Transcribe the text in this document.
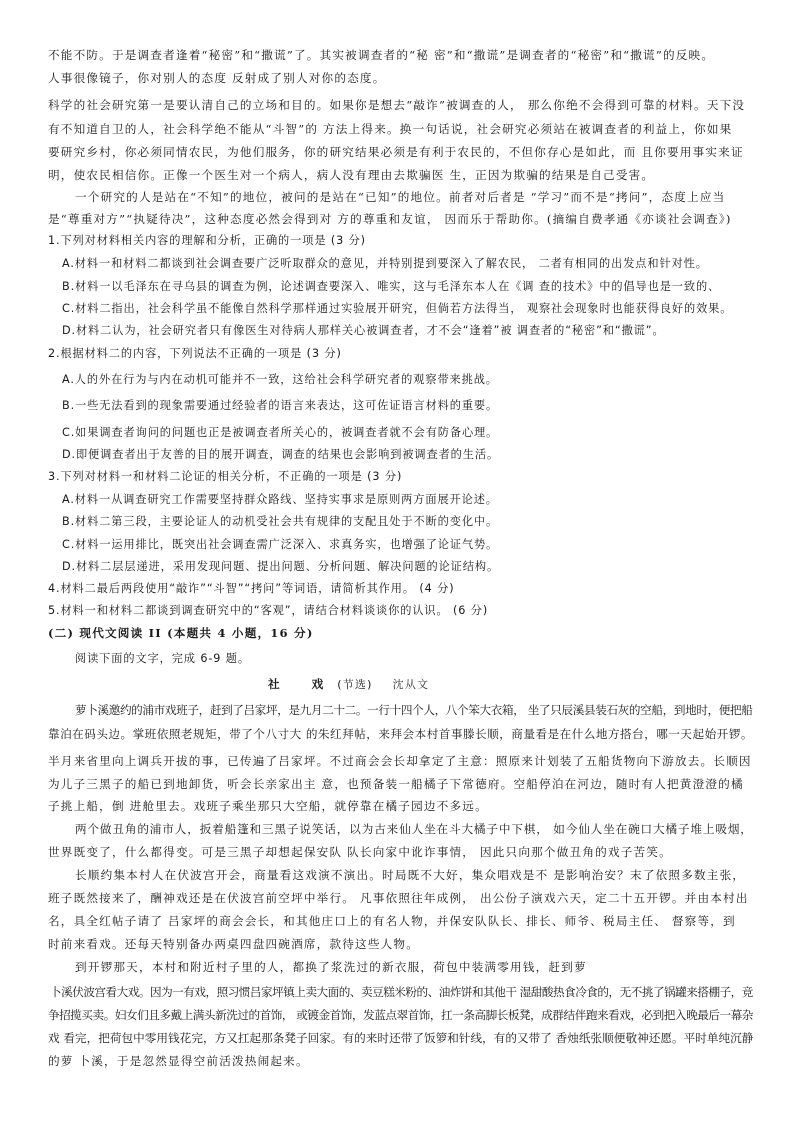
不能不防。于是调查者逢着“秘密”和“撒谎”了。其实被调查者的“秘 密”和“撒谎”是调查者的“秘密”和“撒谎”的反映。
人事很像镜子，你对别人的态度 反射成了别人对你的态度。
科学的社会研究第一是要认清自己的立场和目的。如果你是想去“敲诈”被调查的人， 那么你绝不会得到可靠的材料。天下没
有不知道自卫的人，社会科学绝不能从“斗智”的 方法上得来。换一句话说，社会研究必须站在被调查者的利益上，你如果
要研究乡村，你必须同情农民，为他们服务，你的研究结果必须是有利于农民的，不但你存心是如此，而 且你要用事实来证
明，使农民相信你。正像一个医生对一个病人，病人没有理由去欺骗医 生，正因为欺骗的结果是自己受害。
一个研究的人是站在“不知”的地位，被问的是站在“已知”的地位。前者对后者是 “学习”而不是“拷问”，态度上应当
是“尊重对方”“执疑待决”，这种态度必然会得到对 方的尊重和友谊， 因而乐于帮助你。(摘编自费孝通《亦谈社会调查》)
1.下列对材料相关内容的理解和分析，正确的一项是 (3 分)
A.材料一和材料二都谈到社会调查要广泛听取群众的意见，并特别提到要深入了解农民， 二者有相同的出发点和针对性。
B.材料一以毛泽东在寻乌县的调查为例，论述调查要深入、唯实，这与毛泽东本人在《调 查的技术》中的倡导也是一致的、
C.材料二指出，社会科学虽不能像自然科学那样通过实验展开研究，但倘若方法得当， 观察社会现象时也能获得良好的效果。
D.材料二认为，社会研究者只有像医生对待病人那样关心被调查者，才不会“逢着”被 调查者的“秘密”和“撒谎”。
2.根据材料二的内容，下列说法不正确的一项是 (3 分)
A.人的外在行为与内在动机可能并不一致，这给社会科学研究者的观察带来挑战。
B.一些无法看到的现象需要通过经验者的语言来表达，这可佐证语言材料的重要。
C.如果调查者询问的问题也正是被调查者所关心的，被调查者就不会有防备心理。
D.即便调查者出于友善的目的展开调查，调查的结果也会影响到被调查者的生活。
3.下列对材料一和材料二论证的相关分析，不正确的一项是 (3 分)
A.材料一从调查研究工作需要坚持群众路线、坚持实事求是原则两方面展开论述。
B.材料二第三段，主要论证人的动机受社会共有规律的支配且处于不断的变化中。
C.材料一运用排比，既突出社会调查需广泛深入、求真务实，也增强了论证气势。
D.材料二层层递进，采用发现问题、提出问题、分析问题、解决问题的论证结构。
4.材料二最后两段使用“敲诈”“斗智”“拷问”等词语，请简析其作用。 (4 分)
5.材料一和材料二都谈到调查研究中的“客观”，请结合材料谈谈你的认识。 (6 分)
(二) 现代文阅读 II (本题共 4 小题，16 分)
阅读下面的文字，完成 6-9 题。
社 戏(节选) 沈从文
萝卜溪邀约的浦市戏班子，赶到了吕家坪，是九月二十二。一行十四个人，八个笨大衣箱， 坐了只辰溪县装石灰的空船，到地时，便把船
靠泊在码头边。掌班依照老规矩，带了个八寸大 的朱红拜帖，来拜会本村首事滕长顺，商量看是在什么地方搭台，哪一天起始开锣。
半月来省里向上调兵开拔的事，已传遍了吕家坪。不过商会会长却拿定了主意：照原来计划装了五船货物向下游放去。长顺因
为儿子三黑子的船已到地卸货，听会长亲家出主 意，也预备装一船橘子下常德府。空船停泊在河边，随时有人把黄澄澄的橘
子挑上船，倒 进舱里去。戏班子乘坐那只大空船，就停靠在橘子园边不多远。
两个做丑角的浦市人，扳着船篷和三黑子说笑话，以为古来仙人坐在斗大橘子中下棋， 如今仙人坐在碗口大橘子堆上吸烟，
世界既变了，什么都得变。可是三黑子却想起保安队 队长向家中讹诈事情， 因此只向那个做丑角的戏子苦笑。
长顺约集本村人在伏波宫开会，商量看这戏演不演出。时局既不大好，集众唱戏是不 是影响治安？末了依照多数主张，
班子既然接来了，酬神戏还是在伏波宫前空坪中举行。 凡事依照往年成例， 出公份子演戏六天，定二十五开锣。并由本村出
名，具全红帖子请了 吕家坪的商会会长，和其他庄口上的有名人物，并保安队队长、排长、师爷、税局主任、 督察等，到
时前来看戏。还每天特别备办两桌四盘四碗酒席，款待这些人物。
到开锣那天，本村和附近村子里的人，都换了浆洗过的新衣服，荷包中装满零用钱，赶到萝
卜溪伏波宫看大戏。因为一有戏，照习惯吕家坪镇上卖大面的、卖豆糕米粉的、油炸饼和其他干 湿甜酸热食冷食的，无不挑了锅罐来搭棚子，竞
争招揽买卖。妇女们且多戴上满头新洗过的首饰， 或镀金首饰，发蓝点翠首饰，扛一条高脚长板凳，成群结伴跑来看戏，必到把入晚最后一幕杂
戏 看完，把荷包中零用钱花完，方又扛起那条凳子回家。有的来时还带了饭箩和针线，有的又带了 香烛纸张顺便敬神还愿。平时单纯沉静
的萝 卜溪，于是忽然显得空前活泼热闹起来。
